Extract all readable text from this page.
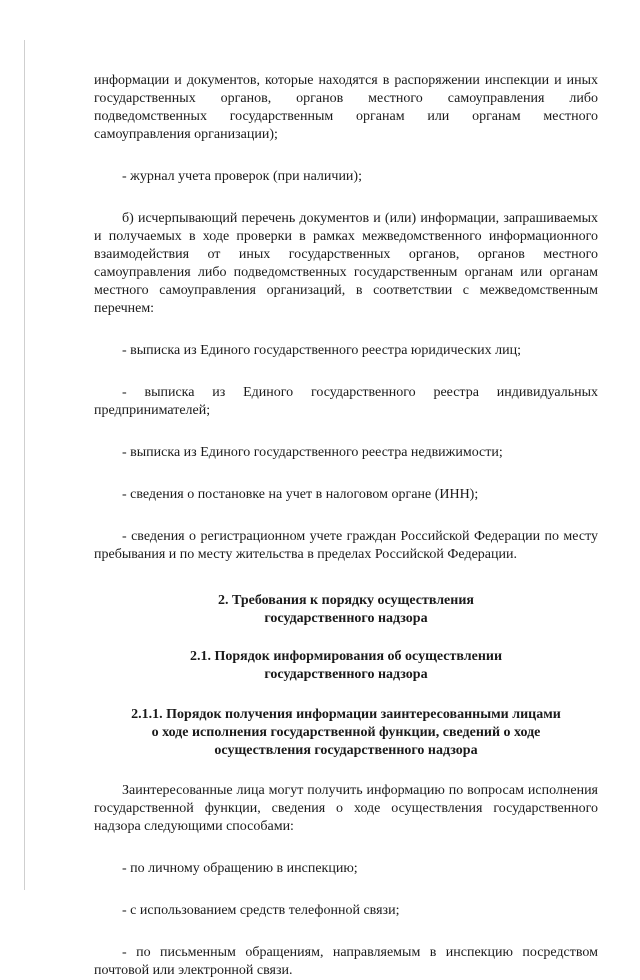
информации и документов, которые находятся в распоряжении инспекции и иных государственных органов, органов местного самоуправления либо подведомственных государственным органам или органам местного самоуправления организации);

- журнал учета проверок (при наличии);

б) исчерпывающий перечень документов и (или) информации, запрашиваемых и получаемых в ходе проверки в рамках межведомственного информационного взаимодействия от иных государственных органов, органов местного самоуправления либо подведомственных государственным органам или органам местного самоуправления организаций, в соответствии с межведомственным перечнем:

- выписка из Единого государственного реестра юридических лиц;

- выписка из Единого государственного реестра индивидуальных предпринимателей;

- выписка из Единого государственного реестра недвижимости;

- сведения о постановке на учет в налоговом органе (ИНН);

- сведения о регистрационном учете граждан Российской Федерации по месту пребывания и по месту жительства в пределах Российской Федерации.

2. Требования к порядку осуществления

государственного надзора

2.1. Порядок информирования об осуществлении

государственного надзора

2.1.1. Порядок получения информации заинтересованными лицами

о ходе исполнения государственной функции, сведений о ходе

осуществления государственного надзора

Заинтересованные лица могут получить информацию по вопросам исполнения государственной функции, сведения о ходе осуществления государственного надзора следующими способами:

- по личному обращению в инспекцию;

- с использованием средств телефонной связи;

- по письменным обращениям, направляемым в инспекцию посредством почтовой или электронной связи.
